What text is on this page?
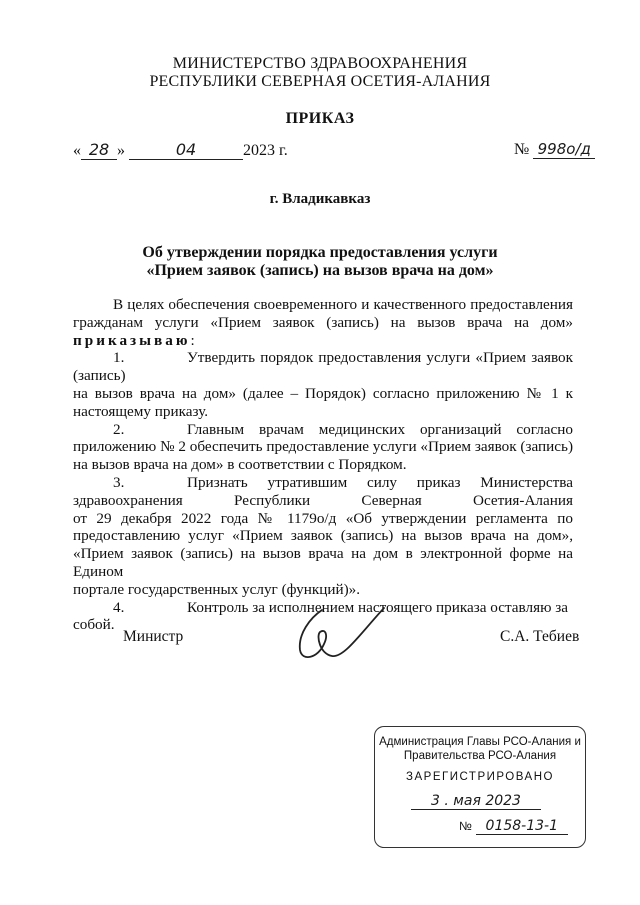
МИНИСТЕРСТВО ЗДРАВООХРАНЕНИЯ
РЕСПУБЛИКИ СЕВЕРНАЯ ОСЕТИЯ-АЛАНИЯ
ПРИКАЗ
« 28 »	04	2023 г.	№ 998о/д
г. Владикавказ
Об утверждении порядка предоставления услуги
«Прием заявок (запись) на вызов врача на дом»
В целях обеспечения своевременного и качественного предоставления
гражданам услуги «Прием заявок (запись) на вызов врача на дом»
приказываю:
1.	Утвердить порядок предоставления услуги «Прием заявок (запись)
на вызов врача на дом» (далее – Порядок) согласно приложению № 1 к
настоящему приказу.
2.	Главным врачам медицинских организаций согласно
приложению № 2 обеспечить предоставление услуги «Прием заявок (запись)
на вызов врача на дом» в соответствии с Порядком.
3.	Признать утратившим силу приказ Министерства
здравоохранения Республики Северная Осетия-Алания
от 29 декабря 2022 года № 1179о/д «Об утверждении регламента по
предоставлению услуг «Прием заявок (запись) на вызов врача на дом»,
«Прием заявок (запись) на вызов врача на дом в электронной форме на Едином
портале государственных услуг (функций)».
4.	Контроль за исполнением настоящего приказа оставляю за собой.
Министр	С.А. Тебиев
Администрация Главы РСО-Алания и
Правительства РСО-Алания
ЗАРЕГИСТРИРОВАНО
3 . мая 2023
№ 0158-13-1
